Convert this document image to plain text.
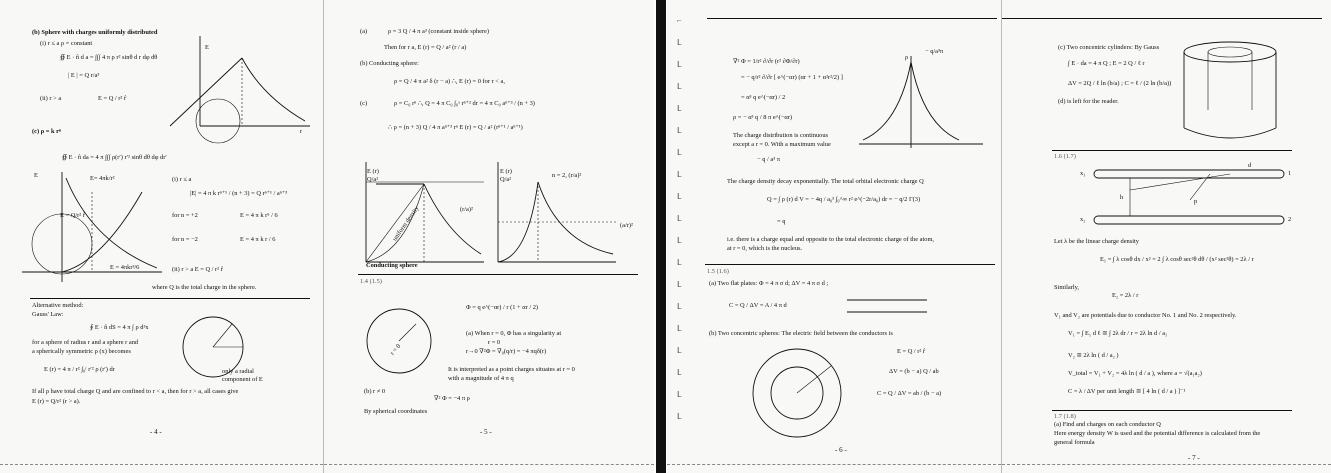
(b) Sphere with charges uniformly distributed
(i) r ≤ a ρ = constant
∯ E · n̂ d a = ∫∫∫ 4 π ρ r² sinθ d r dφ dθ
| E | = Q r/a³
(ii) r > a	E = Q / r² r̂
E
r
(c) ρ = k rⁿ
∯ E · n̂ da = 4 π ∫∫∫ ρ(r′) r′² sinθ dθ dφ dr′
E	E= 4πk/r²
E = Q/r² r̂
E = 4πkr³/6
(i) r ≤ a
|E| = 4 π k rⁿ⁺¹ / (n + 3) = Q rⁿ⁺¹ / aⁿ⁺³
for n = +2	E = 4 π k r⁵ / 6
for n = −2	E = 4 π k r / 6
(ii) r > a E = Q / r² r̂
where Q is the total charge in the sphere.
Alternative method:
Gauss' Law:
∮ E · n̂ dS = 4 π ∫ ρ d³x
for a sphere of radius r and a sphere r and
a spherically symmetric ρ (x) becomes
E (r) = 4 π / r² ∫₀ʳ r′² ρ (r′) dr	only a radial
component of E
If all ρ have total charge Q and are confined to r < a, then for r > a, all cases give
E (r) = Q/r² (r > a).
- 4 -
(a)	ρ = 3 Q / 4 π a³ (constant inside sphere)
Then for r a, E (r) = Q / a² (r / a)
(b) Conducting sphere:
ρ = Q / 4 π a² δ (r − a) ∴, E (r) = 0 for r < a,
(c)	ρ = C₀ rⁿ ∴, Q = 4 π C₀ ∫₀ᵃ rⁿ⁺² dr = 4 π C₀ aⁿ⁺³ / (n + 3)
∴ ρ = (n + 3) Q / 4 π aⁿ⁺³ rⁿ E (r) = Q / a² (rⁿ⁺¹ / aⁿ⁺¹)
E (r)
Q/a²
uniform density	(r/a)²
Conducting sphere
E (r)
Q/a²
n = 2, (r/a)²
(a/r)²
1.4 (1.5)
r = 0
Φ = q e^(−αr) / r (1 + αr / 2)
(a) When r = 0, Φ has a singularity at
r = 0
r→0 ∇²Φ = ∇₀(q/r) = −4 πqδ(r)
It is interpreted as a point charges situates at r = 0
with a magnitude of 4 π q
(b) r ≠ 0
∇² Φ = −4 π ρ
By spherical coordinates
- 5 -
⌐
ᒪ
ᒪ
ᒪ
ᒪ
ᒪ
ᒪ
ᒪ
ᒪ
ᒪ
ᒪ
ᒪ
ᒪ
ᒪ
ᒪ
ᒪ
ᒪ
ᒪ
ᒪ
∇² Φ = 1/r² ∂/∂r (r² ∂Φ/∂r)
= − q/r² ∂/∂r [ e^(−αr) (αr + 1 + α²r²/2) ]
= α³ q e^(−αr) / 2
ρ = − α³ q / 8 π e^(−αr)
The charge distribution is continuous
except a r = 0. With a maximum value
− q / a³ π
ρ
− q/a³π
The charge density decay exponentially. The total orbital electronic charge Q
Q = ∫ ρ (r) d V = − 4q / a₀³ ∫₀^∞ r² e^(−2r/a₀) dr = − q/2 Γ(3)
= q
i.e. there is a charge equal and opposite to the total electronic charge of the atom,
at r = 0, which is the nucleus.
1.5 (1.6)
(a) Two flat plates: Φ = 4 π σ d; ΔV = 4 π σ d ;
C = Q / ΔV = A / 4 π d
(b) Two concentric spheres: The electric field between the conductors is
E = Q / r² r̂
ΔV = (b − a) Q / ab
C = Q / ΔV = ab / (b − a)
- 6 -
(c) Two concentric cylinders: By Gauss
∫ E · da = 4 π Q ; E = 2 Q / ℓ r
ΔV = 2Q / ℓ ln (b/a) ; C = ℓ / (2 ln (b/a))
(d) is left for the reader.
1.6 (1.7)
x₁
x₂
1
2
p
d
h
Let λ be the linear charge density
E₁ = ∫ λ cosθ dx / x² = 2 ∫ λ cosθ sec²θ dθ / (x² sec²θ) = 2λ / r
Similarly,
E₂ = 2λ / r
V₁ and V₂ are potentials due to conductor No. 1 and No. 2 respectively.
V₁ = ∫ E₁ d ℓ ≅ ∫ 2λ dr / r = 2λ ln d / a₁
V₂ ≅ 2λ ln ( d / a₂ )
V_total = V₁ + V₂ = 4λ ln ( d / a ), where a = √(a₁a₂)
C = λ / ΔV per unit length ≅ [ 4 ln ( d / a ) ]⁻¹
1.7 (1.8)
(a) Find and charges on each conductor Q
Here energy density W is used and the potential difference is calculated from the
general formula
- 7 -
